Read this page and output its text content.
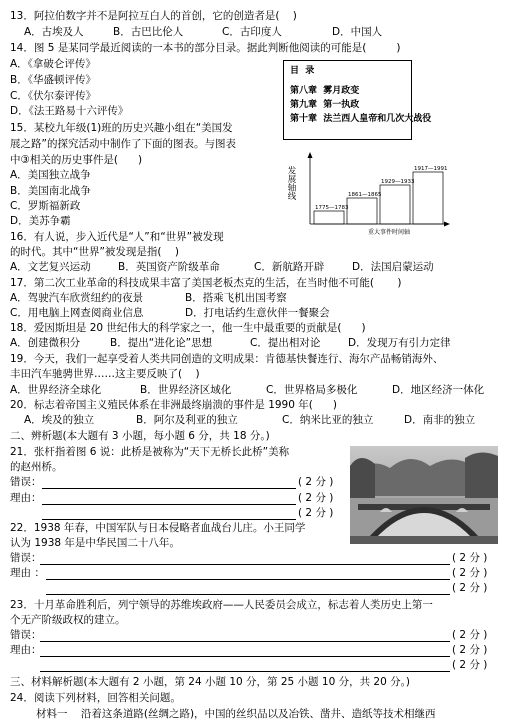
13．阿拉伯数字并不是阿拉互白人的首创，它的创造者是(    )
A．古埃及人	B．古巴比伦人	C．古印度人	D．中国人
14．图 5 是某同学最近阅读的一本书的部分目录。据此判断他阅读的可能是(         )
A．《拿破仑评传》
B．《华盛顿评传》
C．《伏尔泰评传》
D．《法王路易十六评传》
目  录
第八章  雾月政变
第九章  第一执政
第十章  法兰西人皇帝和几次大战役
15．某校九年级(1)班的历史兴趣小组在“美国发
展之路”的探究活动中制作了下面的图表。与图表
中③相关的历史事件是(      )
A．美国独立战争
B．美国南北战争
C．罗斯福新政
D．美苏争霸
发展轴线
重大事件时间轴
1775—1783
1861—1865
1929—1933
1917—1991
16．有人说，步入近代是“人”和“世界”被发现
的时代。其中“世界”被发现是指(    )
A．文艺复兴运动	B．英国资产阶级革命	C．新航路开辟	D．法国启蒙运动
17．第二次工业革命的科技成果丰富了美国老板杰克的生活，在当时他不可能(       )
A．驾驶汽车欣赏纽约的夜景	B．搭乘飞机出国考察
C．用电脑上网查阅商业信息	D．打电话约生意伙伴一餐聚会
18．爱因斯坦是 20 世纪伟大的科学家之一，他一生中最重要的贡献是(      )
A．创建微积分	B．提出“进化论”思想	C．提出相对论	D．发现万有引力定律
19．今天，我们一起享受着人类共同创造的文明成果：肯德基快餐连行、海尔产品畅销海外、
丰田汽车驰骋世界……这主要反映了(    )
A．世界经济全球化	B．世界经济区域化	C．世界格局多极化	D．地区经济一体化
20．标志着帝国主义殖民体系在非洲最终崩溃的事件是 1990 年(      )
A．埃及的独立	B．阿尔及利亚的独立	C．纳米比亚的独立	D．南非的独立
二、辨析题(本大题有 3 小题，每小题 6 分，共 18 分。)
21．张杆指着图 6 说：此桥是被称为“天下无桥长此桥”美称
的赵州桥。
错误：	( 2 分 )
理由：	( 2 分 )
( 2 分 )
22．1938 年春，中国军队与日本侵略者血战台儿庄。小王同学
认为 1938 年是中华民国二十八年。
错误：	( 2 分 )
理由 ：	( 2 分 )
( 2 分 )
23．十月革命胜利后，列宁领导的苏维埃政府——人民委员会成立，标志着人类历史上第一
个无产阶级政权的建立。
错误：	( 2 分 )
理由：	( 2 分 )
( 2 分 )
三、材料解析题(本大题有 2 小题，第 24 小题 10 分，第 25 小题 10 分，共 20 分。)
24．阅读下列材料，回答相关问题。
材料一    沿着这条道路(丝绸之路)，中国的丝织品以及冶铁、凿井、造纸等技术相继西
